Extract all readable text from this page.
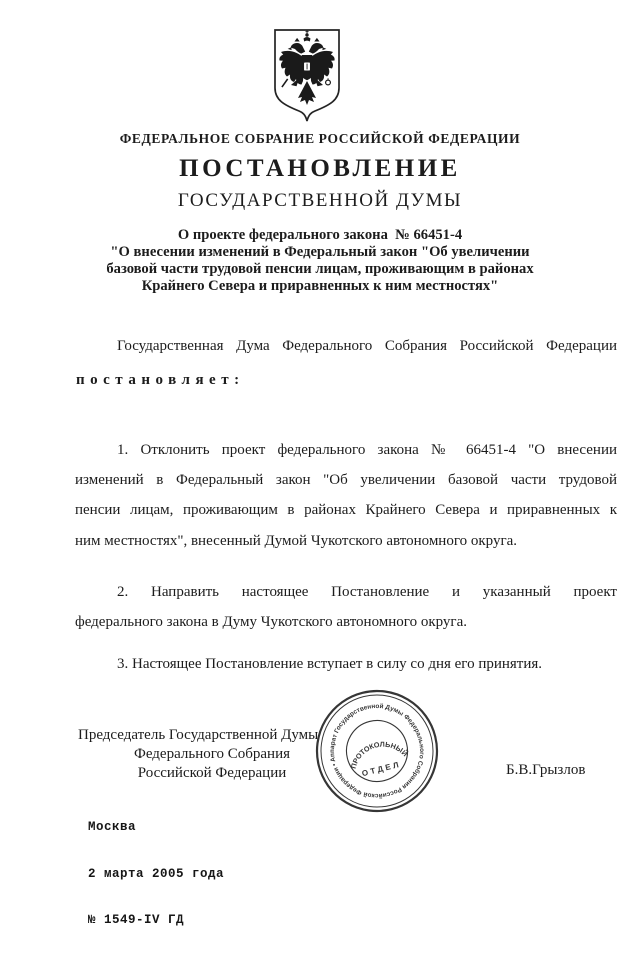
ФЕДЕРАЛЬНОЕ СОБРАНИЕ РОССИЙСКОЙ ФЕДЕРАЦИИ
ПОСТАНОВЛЕНИЕ
ГОСУДАРСТВЕННОЙ ДУМЫ
О проекте федерального закона  № 66451-4
"О внесении изменений в Федеральный закон "Об увеличении
базовой части трудовой пенсии лицам, проживающим в районах
Крайнего Севера и приравненных к ним местностях"
Государственная Дума Федерального Собрания Российской Федерации
постановляет:
1. Отклонить проект федерального закона № 66451-4 "О внесении
изменений в Федеральный закон "Об увеличении базовой части трудовой
пенсии лицам, проживающим в районах Крайнего Севера и приравненных к
ним местностях", внесенный Думой Чукотского автономного округа.
2. Направить настоящее Постановление и указанный проект
федерального закона в Думу Чукотского автономного округа.
3. Настоящее Постановление вступает в силу со дня его принятия.
Председатель Государственной Думы
Федерального Собрания
Российской Федерации	Б.В.Грызлов

Москва

2 марта 2005 года

№ 1549-IV ГД

Аппарат Государственной Думы Федерального Собрания Российской Федерации •	ПРОТОКОЛЬНЫЙ
ОТДЕЛ
